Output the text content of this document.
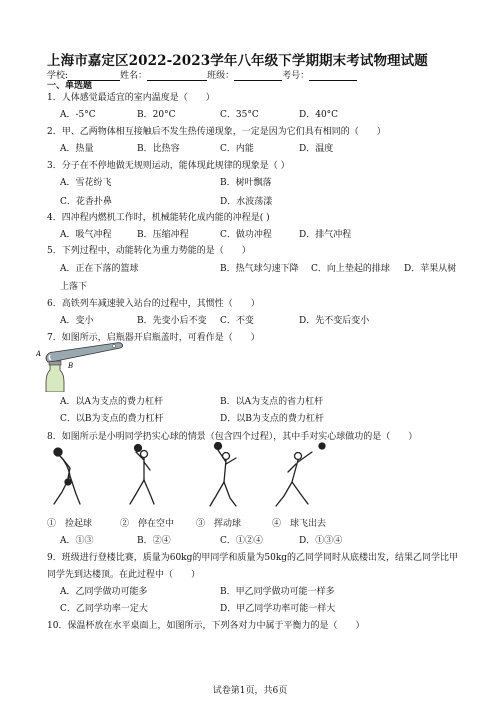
上海市嘉定区2022-2023学年八年级下学期期末考试物理试题
学校:	姓名：	班级：	考号：
一、单选题
1．人体感觉最适宜的室内温度是（　　）
A．-5°C	B．20°C	C．35°C	D．40°C
2．甲、乙两物体相互接触后不发生热传递现象，一定是因为它们具有相同的（　　）
A．热量	B．比热容	C．内能	D．温度
3．分子在不停地做无规则运动，能体现此规律的现象是（ ）
A．雪花纷飞	B．树叶飘落
C．花香扑鼻	D．水波荡漾
4．四冲程内燃机工作时，机械能转化成内能的冲程是( )
A．吸气冲程	B．压缩冲程	C．做功冲程	D．排气冲程
5．下列过程中，动能转化为重力势能的是（　　）
A．正在下落的篮球	B．热气球匀速下降 C．向上垫起的排球 D．苹果从树
上落下
6．高铁列车减速驶入站台的过程中，其惯性（　　）
A．变小	B．先变小后不变 C．不变	D．先不变后变小
7．如图所示，启瓶器开启瓶盖时，可看作是（　　）
A
B
A．以A为支点的费力杠杆	B．以A为支点的省力杠杆
C．以B为支点的费力杠杆	D．以B为支点的费力杠杆
8．如图所示是小明同学扔实心球的情景（包含四个过程），其中手对实心球做功的是（　　）
①　捡起球	②　停在空中 ③　挥动球	④　球飞出去
A．①③	B．②④	C．①②④	D．①③④
9．班级进行登楼比赛，质量为60kg的甲同学和质量为50kg的乙同学同时从底楼出发，结果乙同学比甲
同学先到达楼顶。在此过程中（　　）
A．乙同学做功可能多	B．甲乙同学做功可能一样多
C．乙同学功率一定大	D．甲乙同学功率可能一样大
10．保温杯放在水平桌面上，如图所示，下列各对力中属于平衡力的是（　　）
试卷第1页，共6页
